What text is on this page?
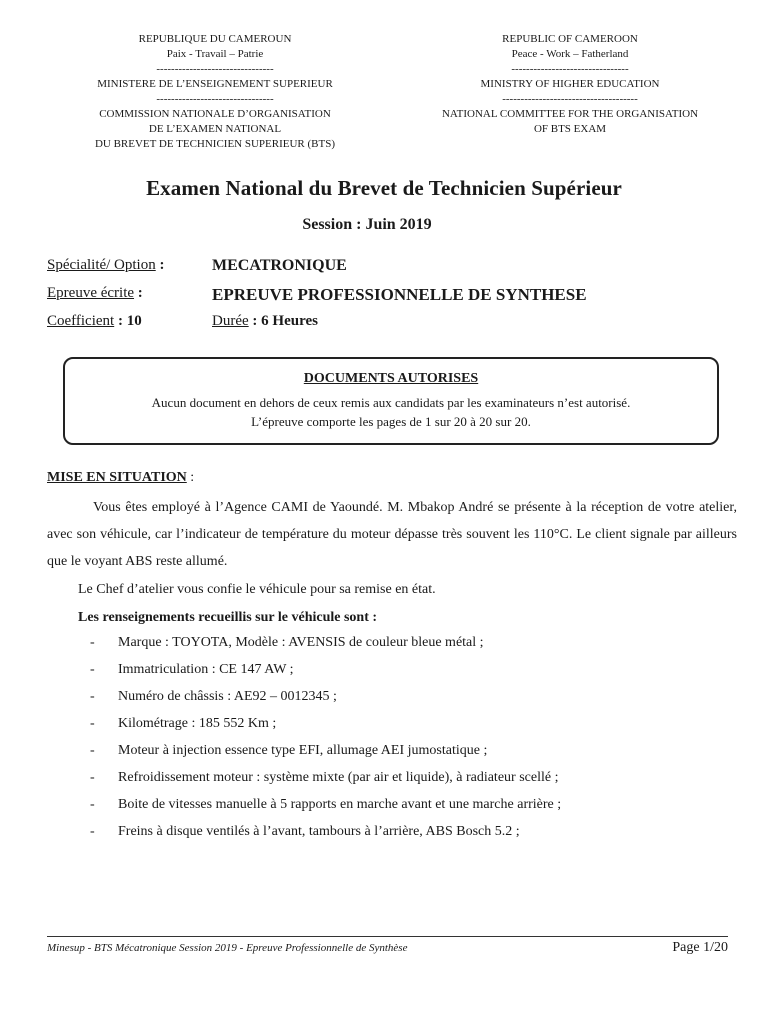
REPUBLIQUE DU CAMEROUN
Paix - Travail – Patrie
--------------------------------
MINISTERE DE L’ENSEIGNEMENT SUPERIEUR
--------------------------------
COMMISSION NATIONALE D’ORGANISATION
DE L’EXAMEN NATIONAL
DU BREVET DE TECHNICIEN SUPERIEUR (BTS)
REPUBLIC OF CAMEROON
Peace - Work – Fatherland
--------------------------------
MINISTRY OF HIGHER EDUCATION
-------------------------------------
NATIONAL COMMITTEE FOR THE ORGANISATION
OF BTS EXAM
Examen National du Brevet de Technicien Supérieur
Session : Juin 2019
Spécialité/ Option :	MECATRONIQUE
Epreuve écrite :	EPREUVE PROFESSIONNELLE DE SYNTHESE
Coefficient : 10	Durée : 6 Heures
DOCUMENTS AUTORISES
Aucun document en dehors de ceux remis aux candidats par les examinateurs n’est autorisé.
L’épreuve comporte les pages de 1 sur 20 à 20 sur 20.
MISE EN SITUATION :
Vous êtes employé à l’Agence CAMI de Yaoundé. M. Mbakop André se présente à la réception de votre atelier, avec son véhicule, car l’indicateur de température du moteur dépasse très souvent les 110°C. Le client signale par ailleurs que le voyant ABS reste allumé.
Le Chef d’atelier vous confie le véhicule pour sa remise en état.
Les renseignements recueillis sur le véhicule sont :
- Marque : TOYOTA, Modèle : AVENSIS de couleur bleue métal ;
- Immatriculation : CE 147 AW ;
- Numéro de châssis : AE92 – 0012345 ;
- Kilométrage : 185 552 Km ;
- Moteur à injection essence type EFI, allumage AEI jumostatique ;
- Refroidissement moteur : système mixte (par air et liquide), à radiateur scellé ;
- Boite de vitesses manuelle à 5 rapports en marche avant et une marche arrière ;
- Freins à disque ventilés à l’avant, tambours à l’arrière, ABS Bosch 5.2 ;
Minesup - BTS Mécatronique Session 2019 - Epreuve Professionnelle de Synthèse	Page 1/20
